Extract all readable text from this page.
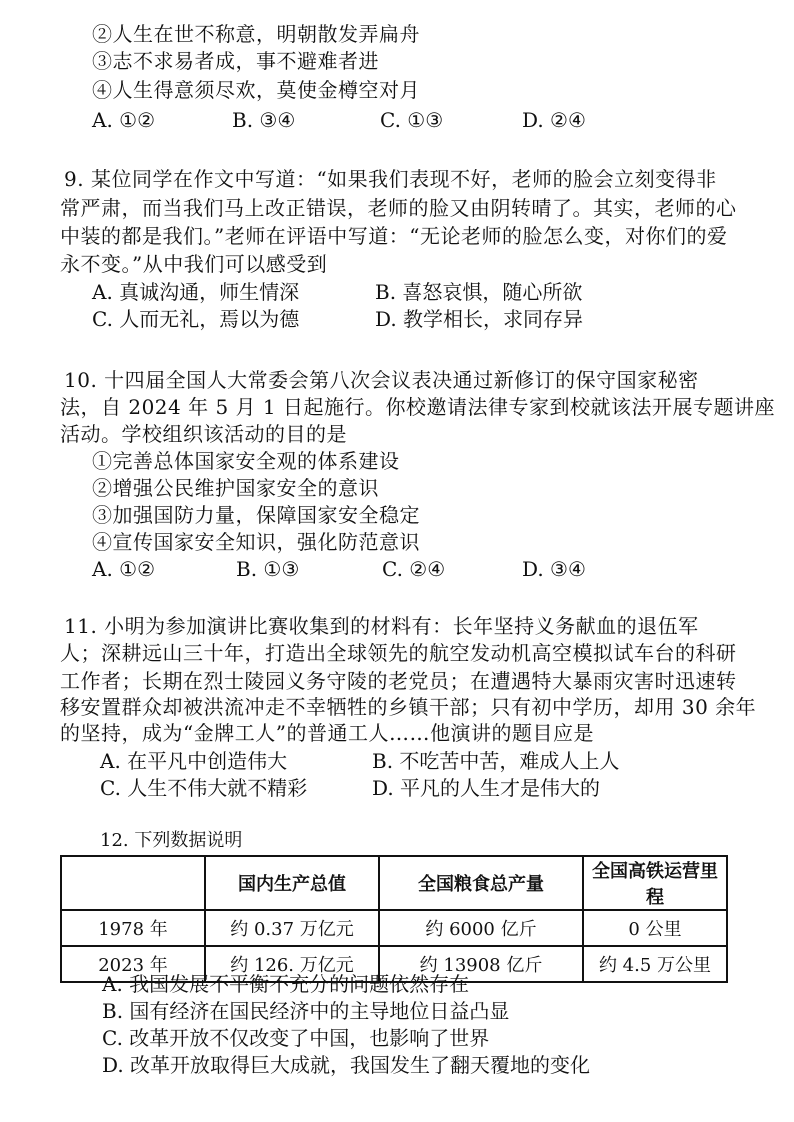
②人生在世不称意，明朝散发弄扁舟
③志不求易者成，事不避难者进
④人生得意须尽欢，莫使金樽空对月
A. ①②	B. ③④	C. ①③	D. ②④
9. 某位同学在作文中写道：“如果我们表现不好，老师的脸会立刻变得非
常严肃，而当我们马上改正错误，老师的脸又由阴转晴了。其实，老师的心
中装的都是我们。”老师在评语中写道：“无论老师的脸怎么变，对你们的爱
永不变。”从中我们可以感受到
A. 真诚沟通，师生情深	B. 喜怒哀惧，随心所欲
C. 人而无礼，焉以为德	D. 教学相长，求同存异
10. 十四届全国人大常委会第八次会议表决通过新修订的保守国家秘密
法，自 2024 年 5 月 1 日起施行。你校邀请法律专家到校就该法开展专题讲座
活动。学校组织该活动的目的是
①完善总体国家安全观的体系建设
②增强公民维护国家安全的意识
③加强国防力量，保障国家安全稳定
④宣传国家安全知识，强化防范意识
A. ①②	B. ①③	C. ②④	D. ③④
11. 小明为参加演讲比赛收集到的材料有：长年坚持义务献血的退伍军
人；深耕远山三十年，打造出全球领先的航空发动机高空模拟试车台的科研
工作者；长期在烈士陵园义务守陵的老党员；在遭遇特大暴雨灾害时迅速转
移安置群众却被洪流冲走不幸牺牲的乡镇干部；只有初中学历，却用 30 余年
的坚持，成为“金牌工人”的普通工人……他演讲的题目应是
A. 在平凡中创造伟大	B. 不吃苦中苦，难成人上人
C. 人生不伟大就不精彩	D. 平凡的人生才是伟大的
12. 下列数据说明
	国内生产总值	全国粮食总产量	全国高铁运营里程
1978 年	约 0.37 万亿元	约 6000 亿斤	0 公里
2023 年	约 126. 万亿元	约 13908 亿斤	约 4.5 万公里
A. 我国发展不平衡不充分的问题依然存在
B. 国有经济在国民经济中的主导地位日益凸显
C. 改革开放不仅改变了中国，也影响了世界
D. 改革开放取得巨大成就，我国发生了翻天覆地的变化
